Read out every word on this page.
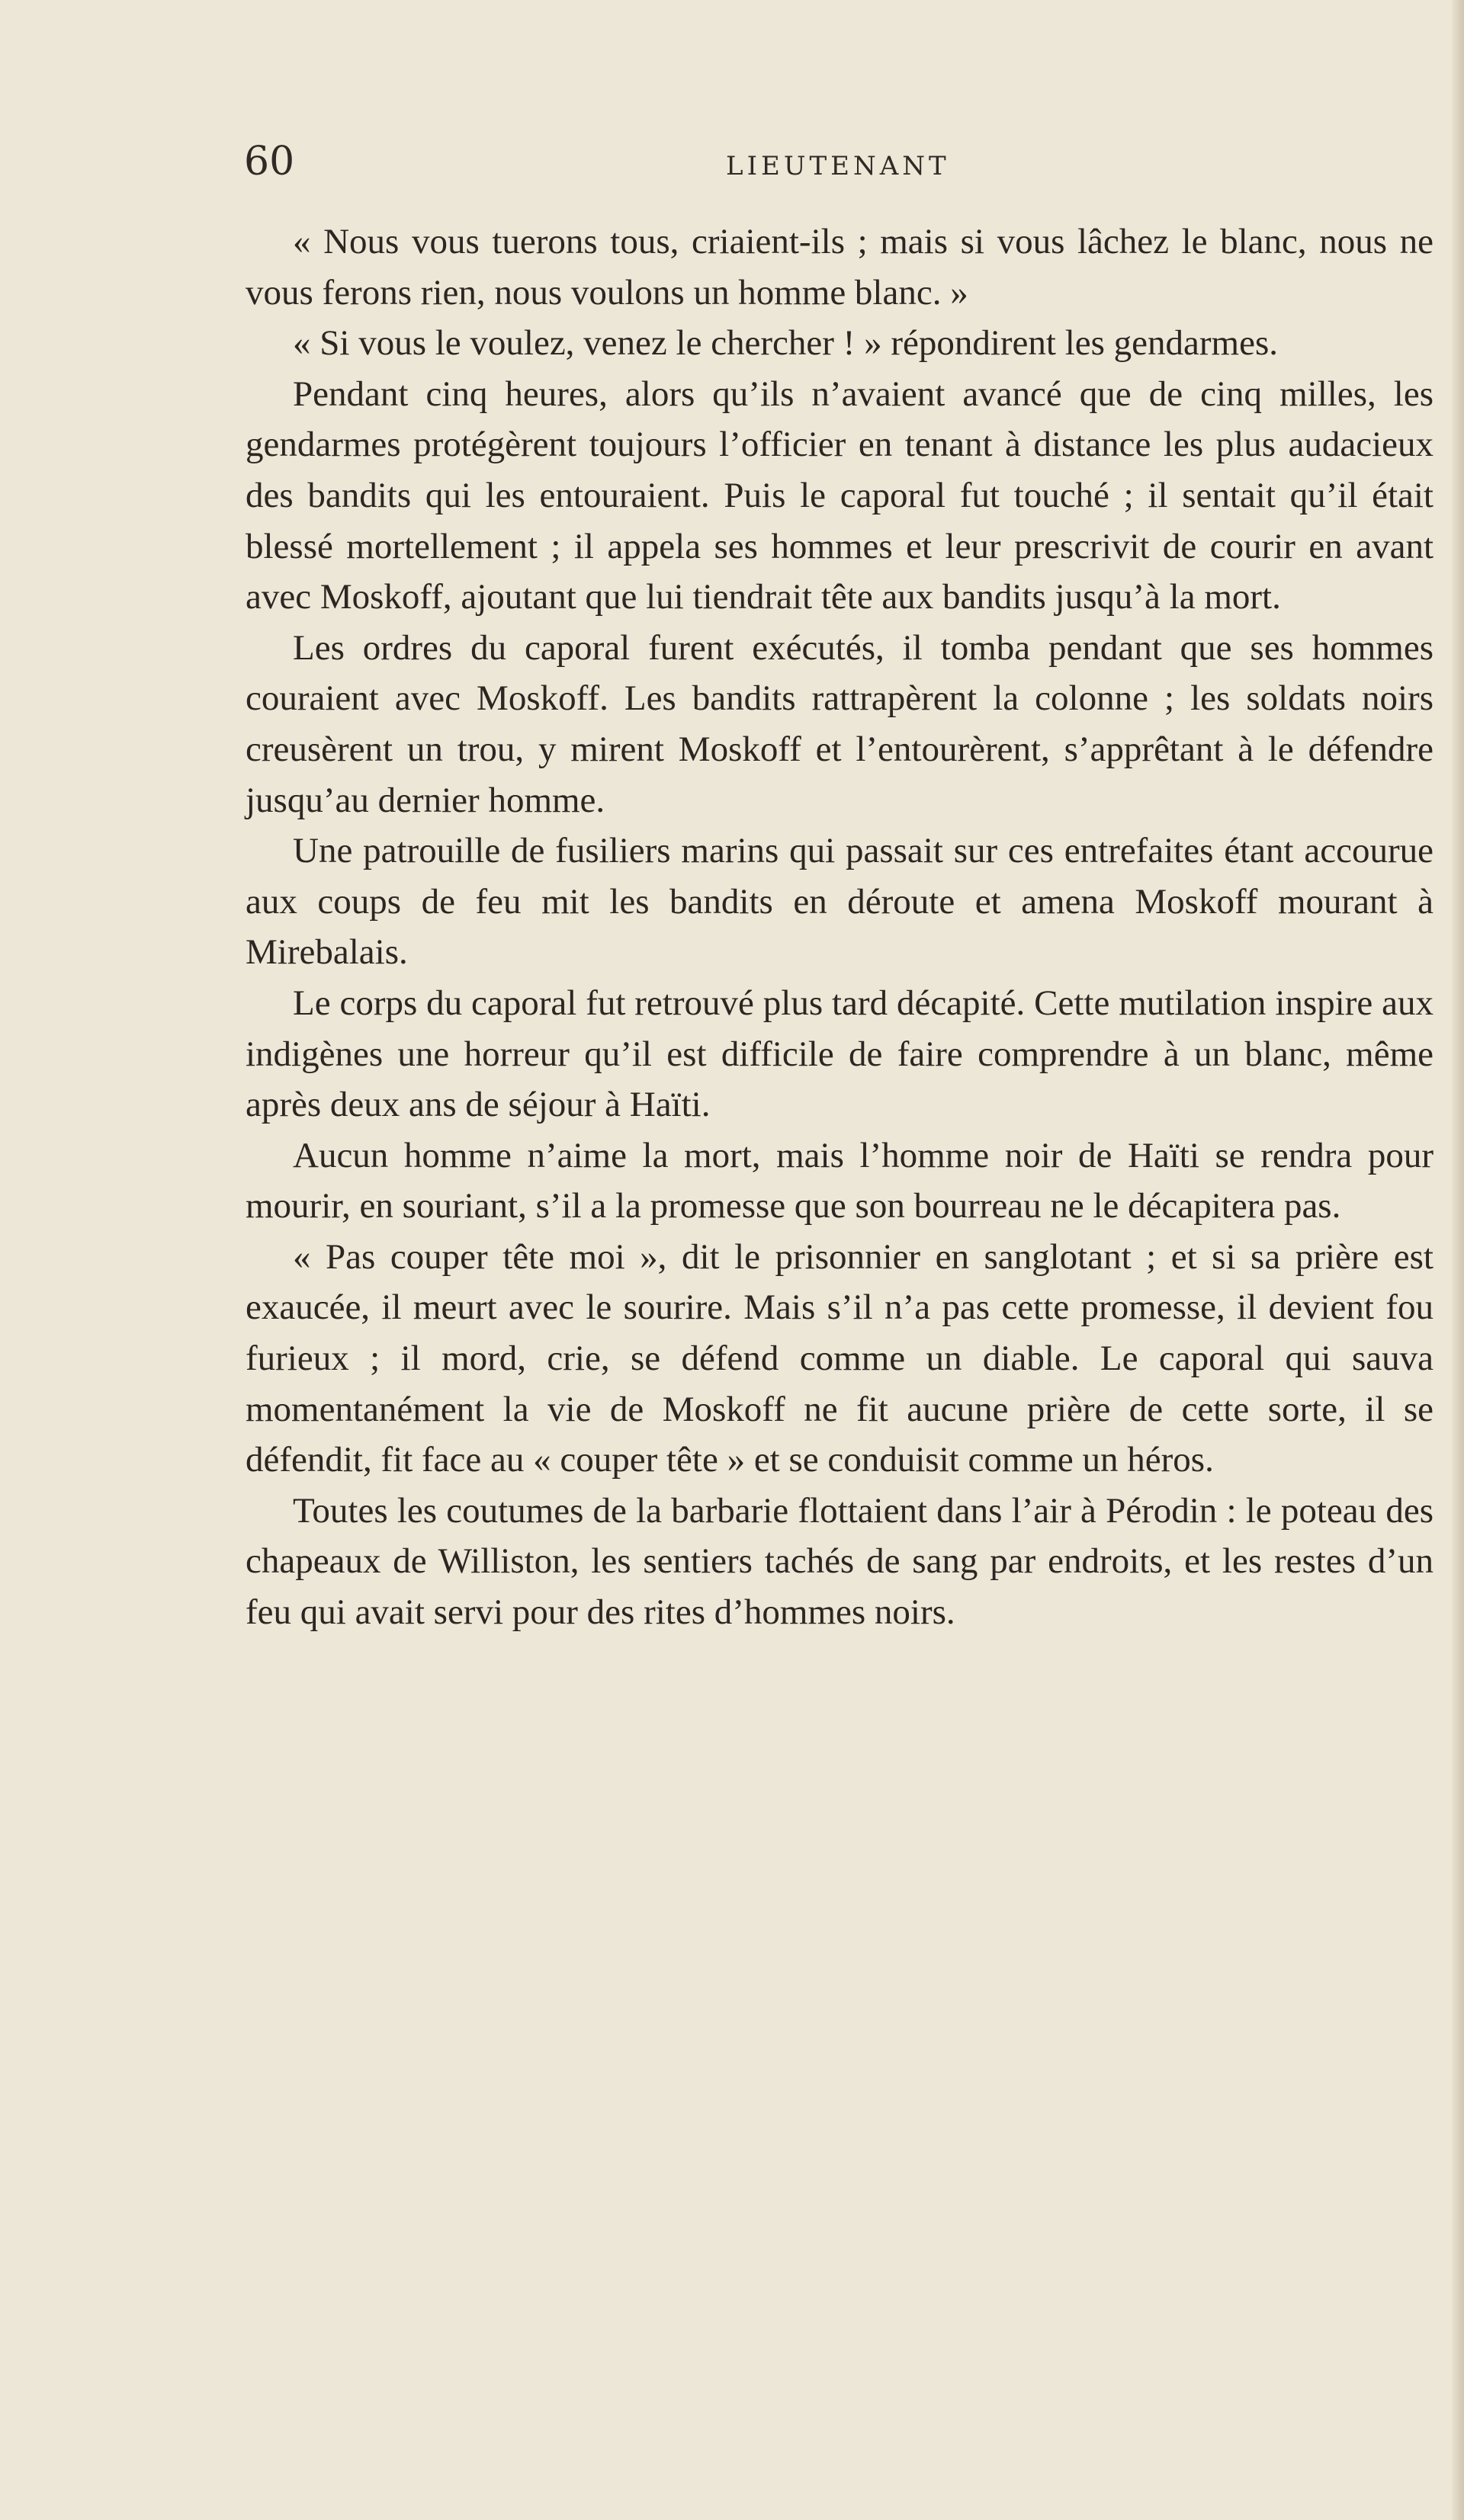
60	LIEUTENANT

« Nous vous tuerons tous, criaient-ils ; mais si vous lâchez le blanc, nous ne vous ferons rien, nous voulons un homme blanc. »

« Si vous le voulez, venez le chercher ! » répondirent les gendarmes.

Pendant cinq heures, alors qu’ils n’avaient avancé que de cinq milles, les gendarmes protégèrent toujours l’officier en tenant à distance les plus audacieux des bandits qui les entouraient. Puis le caporal fut touché ; il sentait qu’il était blessé mortellement ; il appela ses hommes et leur prescrivit de courir en avant avec Moskoff, ajoutant que lui tiendrait tête aux bandits jusqu’à la mort.

Les ordres du caporal furent exécutés, il tomba pendant que ses hommes couraient avec Moskoff. Les bandits rattrapèrent la colonne ; les soldats noirs creusèrent un trou, y mirent Moskoff et l’entourèrent, s’apprêtant à le défendre jusqu’au dernier homme.

Une patrouille de fusiliers marins qui passait sur ces entrefaites étant accourue aux coups de feu mit les bandits en déroute et amena Moskoff mourant à Mirebalais.

Le corps du caporal fut retrouvé plus tard décapité. Cette mutilation inspire aux indigènes une horreur qu’il est difficile de faire comprendre à un blanc, même après deux ans de séjour à Haïti.

Aucun homme n’aime la mort, mais l’homme noir de Haïti se rendra pour mourir, en souriant, s’il a la promesse que son bourreau ne le décapitera pas.

« Pas couper tête moi », dit le prisonnier en sanglotant ; et si sa prière est exaucée, il meurt avec le sourire. Mais s’il n’a pas cette promesse, il devient fou furieux ; il mord, crie, se défend comme un diable. Le caporal qui sauva momentanément la vie de Moskoff ne fit aucune prière de cette sorte, il se défendit, fit face au « couper tête » et se conduisit comme un héros.

Toutes les coutumes de la barbarie flottaient dans l’air à Pérodin : le poteau des chapeaux de Williston, les sentiers tachés de sang par endroits, et les restes d’un feu qui avait servi pour des rites d’hommes noirs.
